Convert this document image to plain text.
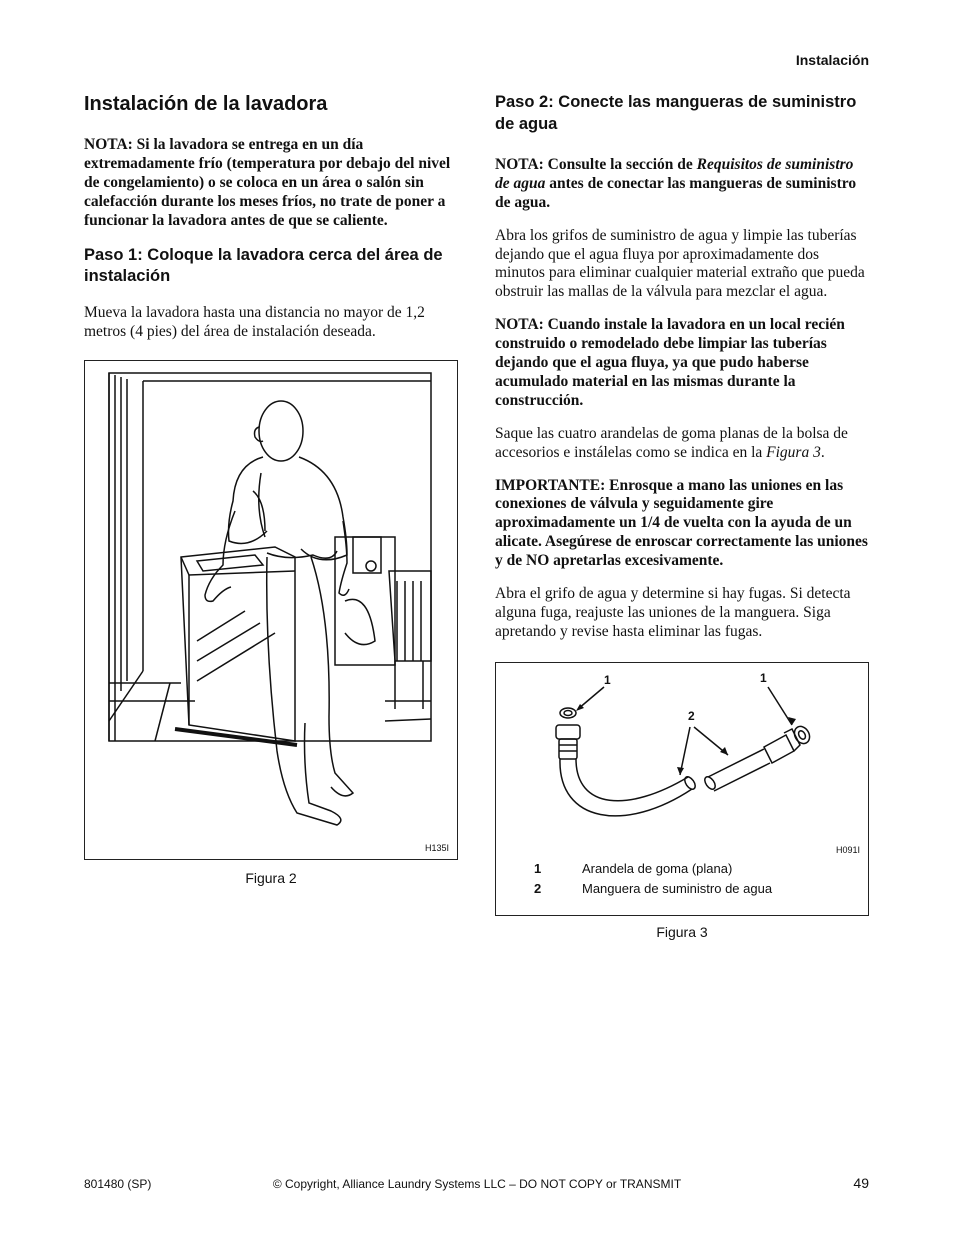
Instalación
Instalación de la lavadora

NOTA: Si la lavadora se entrega en un día extremadamente frío (temperatura por debajo del nivel de congelamiento) o se coloca en un área o salón sin calefacción durante los meses fríos, no trate de poner a funcionar la lavadora antes de que se caliente.

Paso 1: Coloque la lavadora cerca del área de instalación

Mueva la lavadora hasta una distancia no mayor de 1,2 metros (4 pies) del área de instalación deseada.

H135I
Figura 2
Paso 2: Conecte las mangueras de suministro de agua

NOTA: Consulte la sección de Requisitos de suministro de agua antes de conectar las mangueras de suministro de agua.

Abra los grifos de suministro de agua y limpie las tuberías dejando que el agua fluya por aproximadamente dos minutos para eliminar cualquier material extraño que pueda obstruir las mallas de la válvula para mezclar el agua.

NOTA: Cuando instale la lavadora en un local recién construido o remodelado debe limpiar las tuberías dejando que el agua fluya, ya que pudo haberse acumulado material en las mismas durante la construcción.

Saque las cuatro arandelas de goma planas de la bolsa de accesorios e instálelas como se indica en la Figura 3.

IMPORTANTE: Enrosque a mano las uniones en las conexiones de válvula y seguidamente gire aproximadamente un 1/4 de vuelta con la ayuda de un alicate. Asegúrese de enroscar correctamente las uniones y de NO apretarlas excesivamente.

Abra el grifo de agua y determine si hay fugas. Si detecta alguna fuga, reajuste las uniones de la manguera. Siga apretando y revise hasta eliminar las fugas.

1	1
2
H091I
1	Arandela de goma (plana)
2	Manguera de suministro de agua
Figura 3
801480 (SP)	© Copyright, Alliance Laundry Systems LLC – DO NOT COPY or TRANSMIT	49
